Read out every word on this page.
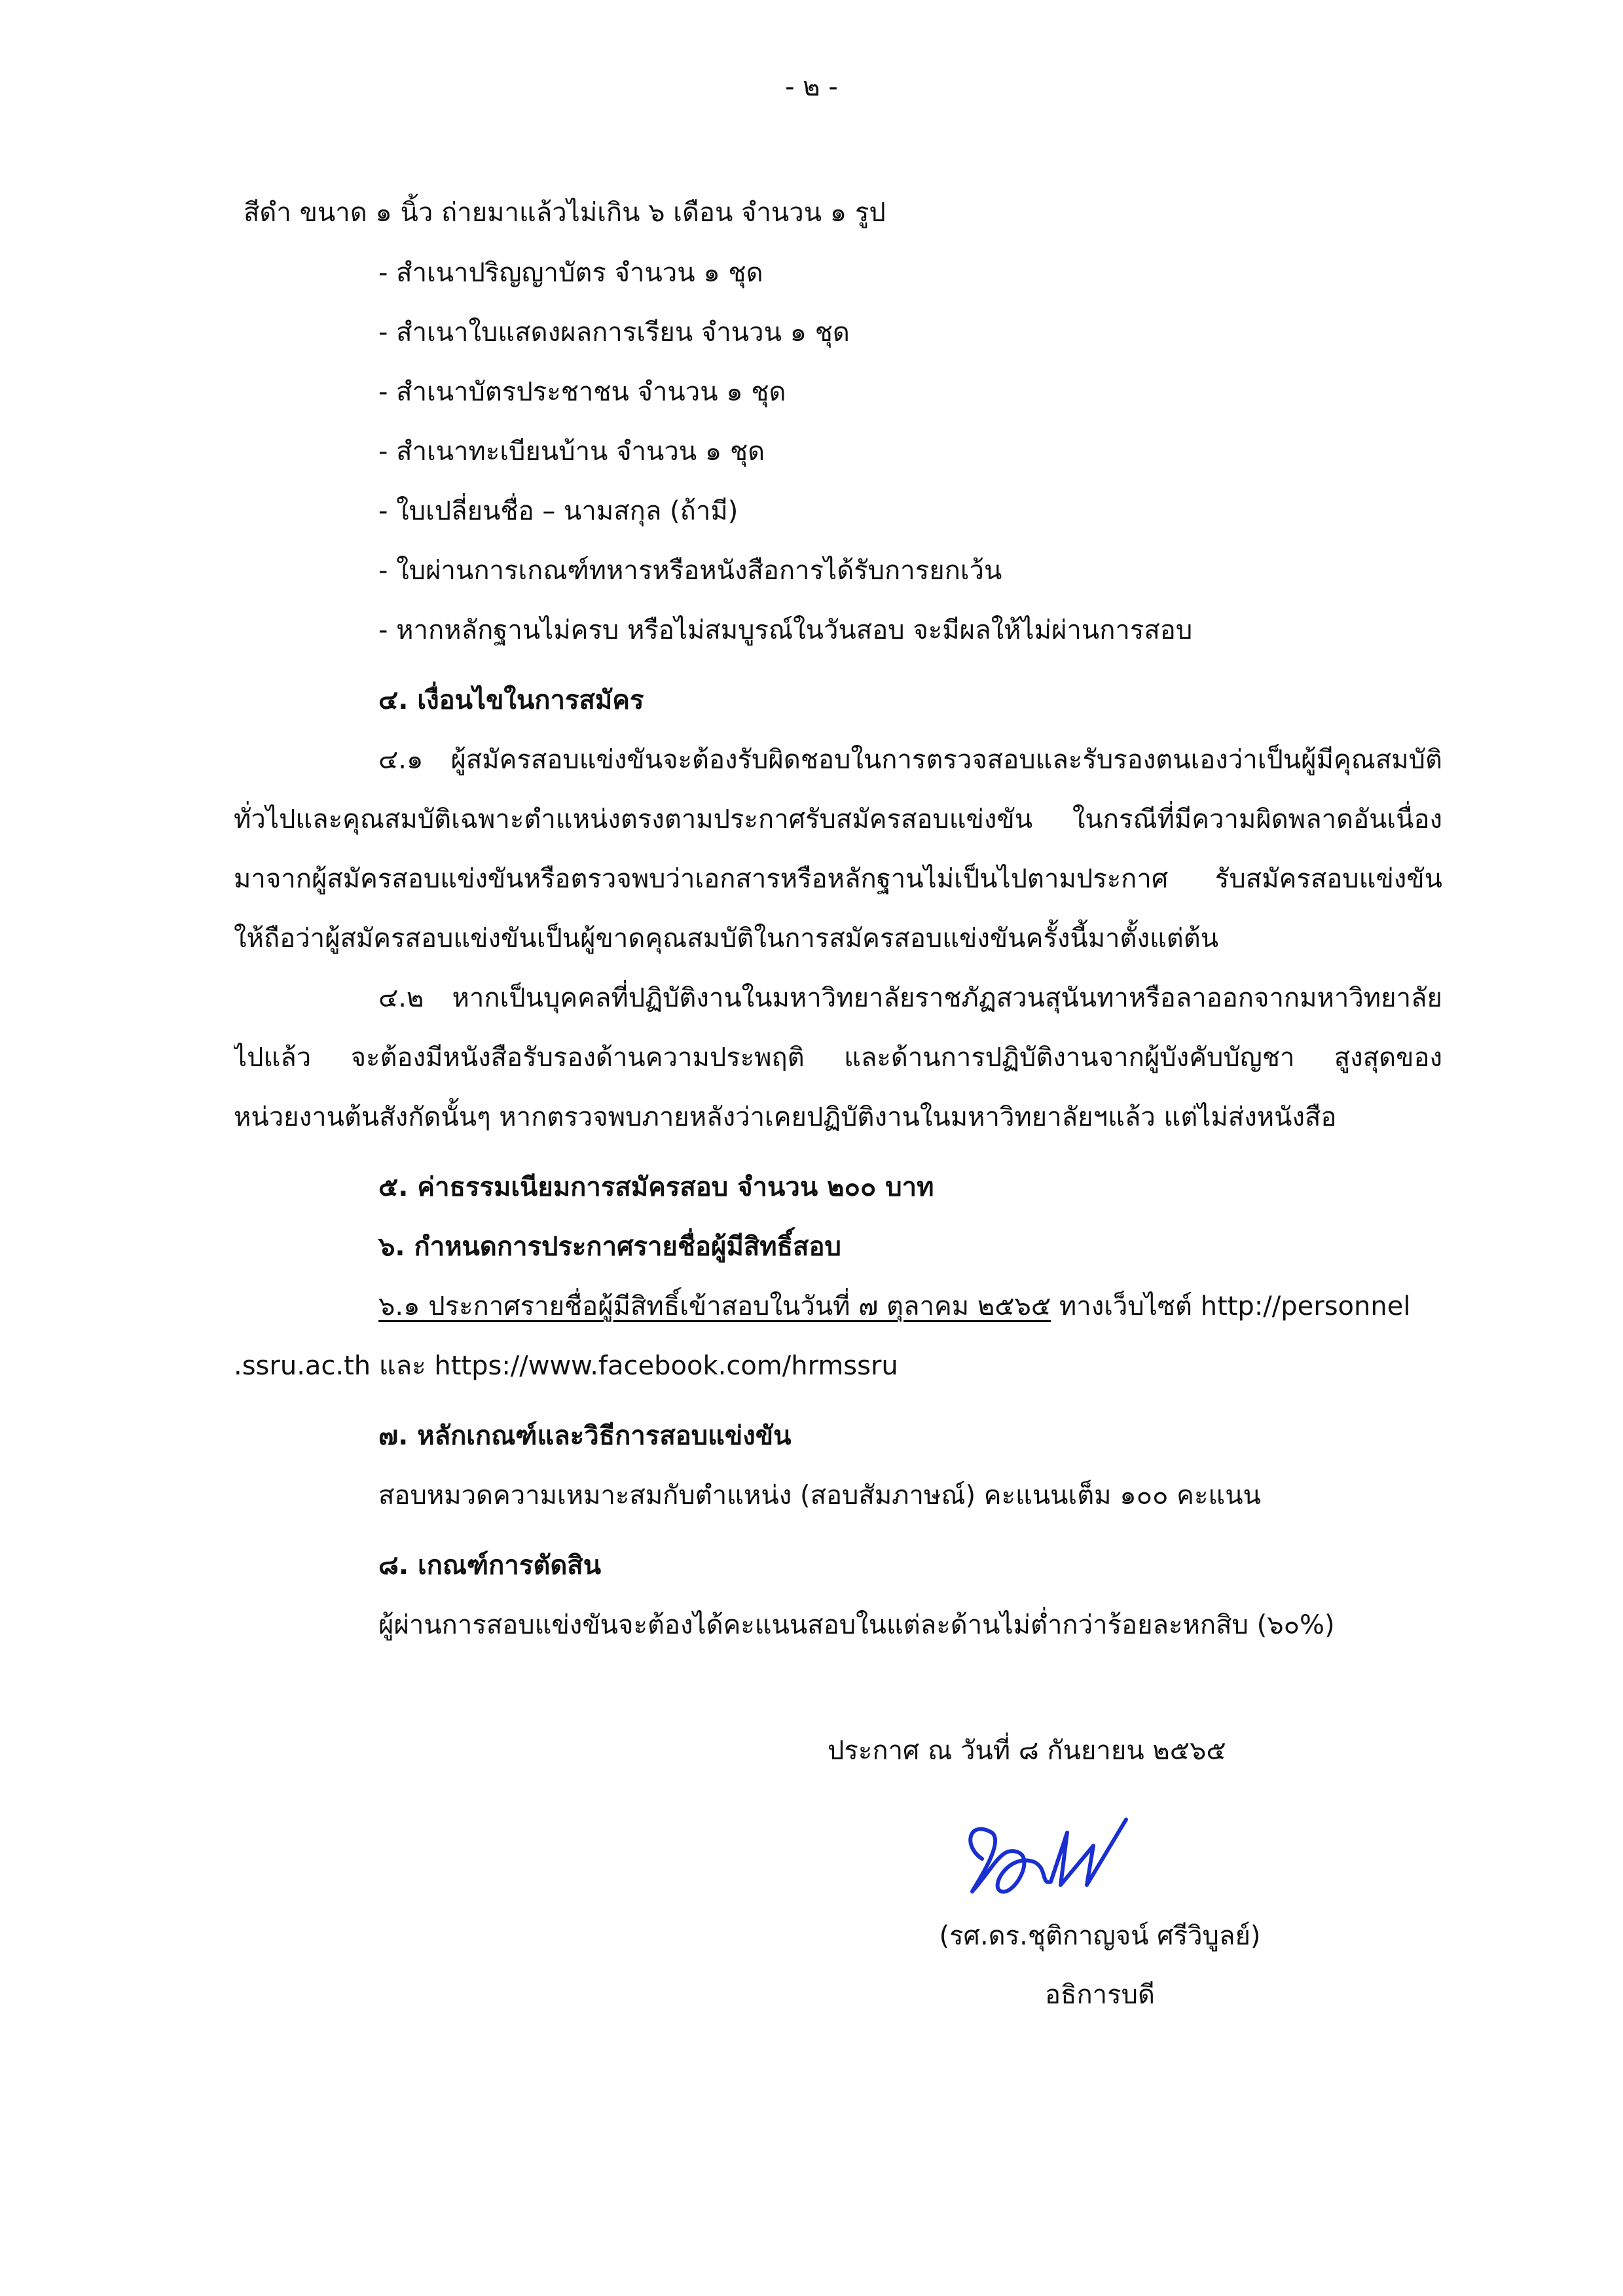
- ๒ -
สีดำ ขนาด ๑ นิ้ว ถ่ายมาแล้วไม่เกิน ๖ เดือน จำนวน ๑ รูป
- สำเนาปริญญาบัตร จำนวน ๑ ชุด
- สำเนาใบแสดงผลการเรียน จำนวน ๑ ชุด
- สำเนาบัตรประชาชน จำนวน ๑ ชุด
- สำเนาทะเบียนบ้าน จำนวน ๑ ชุด
- ใบเปลี่ยนชื่อ – นามสกุล (ถ้ามี)
- ใบผ่านการเกณฑ์ทหารหรือหนังสือการได้รับการยกเว้น
- หากหลักฐานไม่ครบ หรือไม่สมบูรณ์ในวันสอบ จะมีผลให้ไม่ผ่านการสอบ
๔. เงื่อนไขในการสมัคร
๔.๑ ผู้สมัครสอบแข่งขันจะต้องรับผิดชอบในการตรวจสอบและรับรองตนเองว่าเป็นผู้มีคุณสมบัติ
ทั่วไปและคุณสมบัติเฉพาะตำแหน่งตรงตามประกาศรับสมัครสอบแข่งขัน ในกรณีที่มีความผิดพลาดอันเนื่อง
มาจากผู้สมัครสอบแข่งขันหรือตรวจพบว่าเอกสารหรือหลักฐานไม่เป็นไปตามประกาศ รับสมัครสอบแข่งขัน
ให้ถือว่าผู้สมัครสอบแข่งขันเป็นผู้ขาดคุณสมบัติในการสมัครสอบแข่งขันครั้งนี้มาตั้งแต่ต้น
๔.๒ หากเป็นบุคคลที่ปฏิบัติงานในมหาวิทยาลัยราชภัฏสวนสุนันทาหรือลาออกจากมหาวิทยาลัย
ไปแล้ว จะต้องมีหนังสือรับรองด้านความประพฤติ และด้านการปฏิบัติงานจากผู้บังคับบัญชา สูงสุดของ
หน่วยงานต้นสังกัดนั้นๆ หากตรวจพบภายหลังว่าเคยปฏิบัติงานในมหาวิทยาลัยฯแล้ว แต่ไม่ส่งหนังสือ
๕. ค่าธรรมเนียมการสมัครสอบ จำนวน ๒๐๐ บาท
๖. กำหนดการประกาศรายชื่อผู้มีสิทธิ์สอบ
๖.๑ ประกาศรายชื่อผู้มีสิทธิ์เข้าสอบในวันที่ ๗ ตุลาคม ๒๕๖๕ ทางเว็บไซต์ http://personnel
.ssru.ac.th และ https://www.facebook.com/hrmssru
๗. หลักเกณฑ์และวิธีการสอบแข่งขัน
สอบหมวดความเหมาะสมกับตำแหน่ง (สอบสัมภาษณ์) คะแนนเต็ม ๑๐๐ คะแนน
๘. เกณฑ์การตัดสิน
ผู้ผ่านการสอบแข่งขันจะต้องได้คะแนนสอบในแต่ละด้านไม่ต่ำกว่าร้อยละหกสิบ (๖๐%)
ประกาศ ณ วันที่ ๘ กันยายน ๒๕๖๕
(รศ.ดร.ชุติกาญจน์ ศรีวิบูลย์)
อธิการบดี
